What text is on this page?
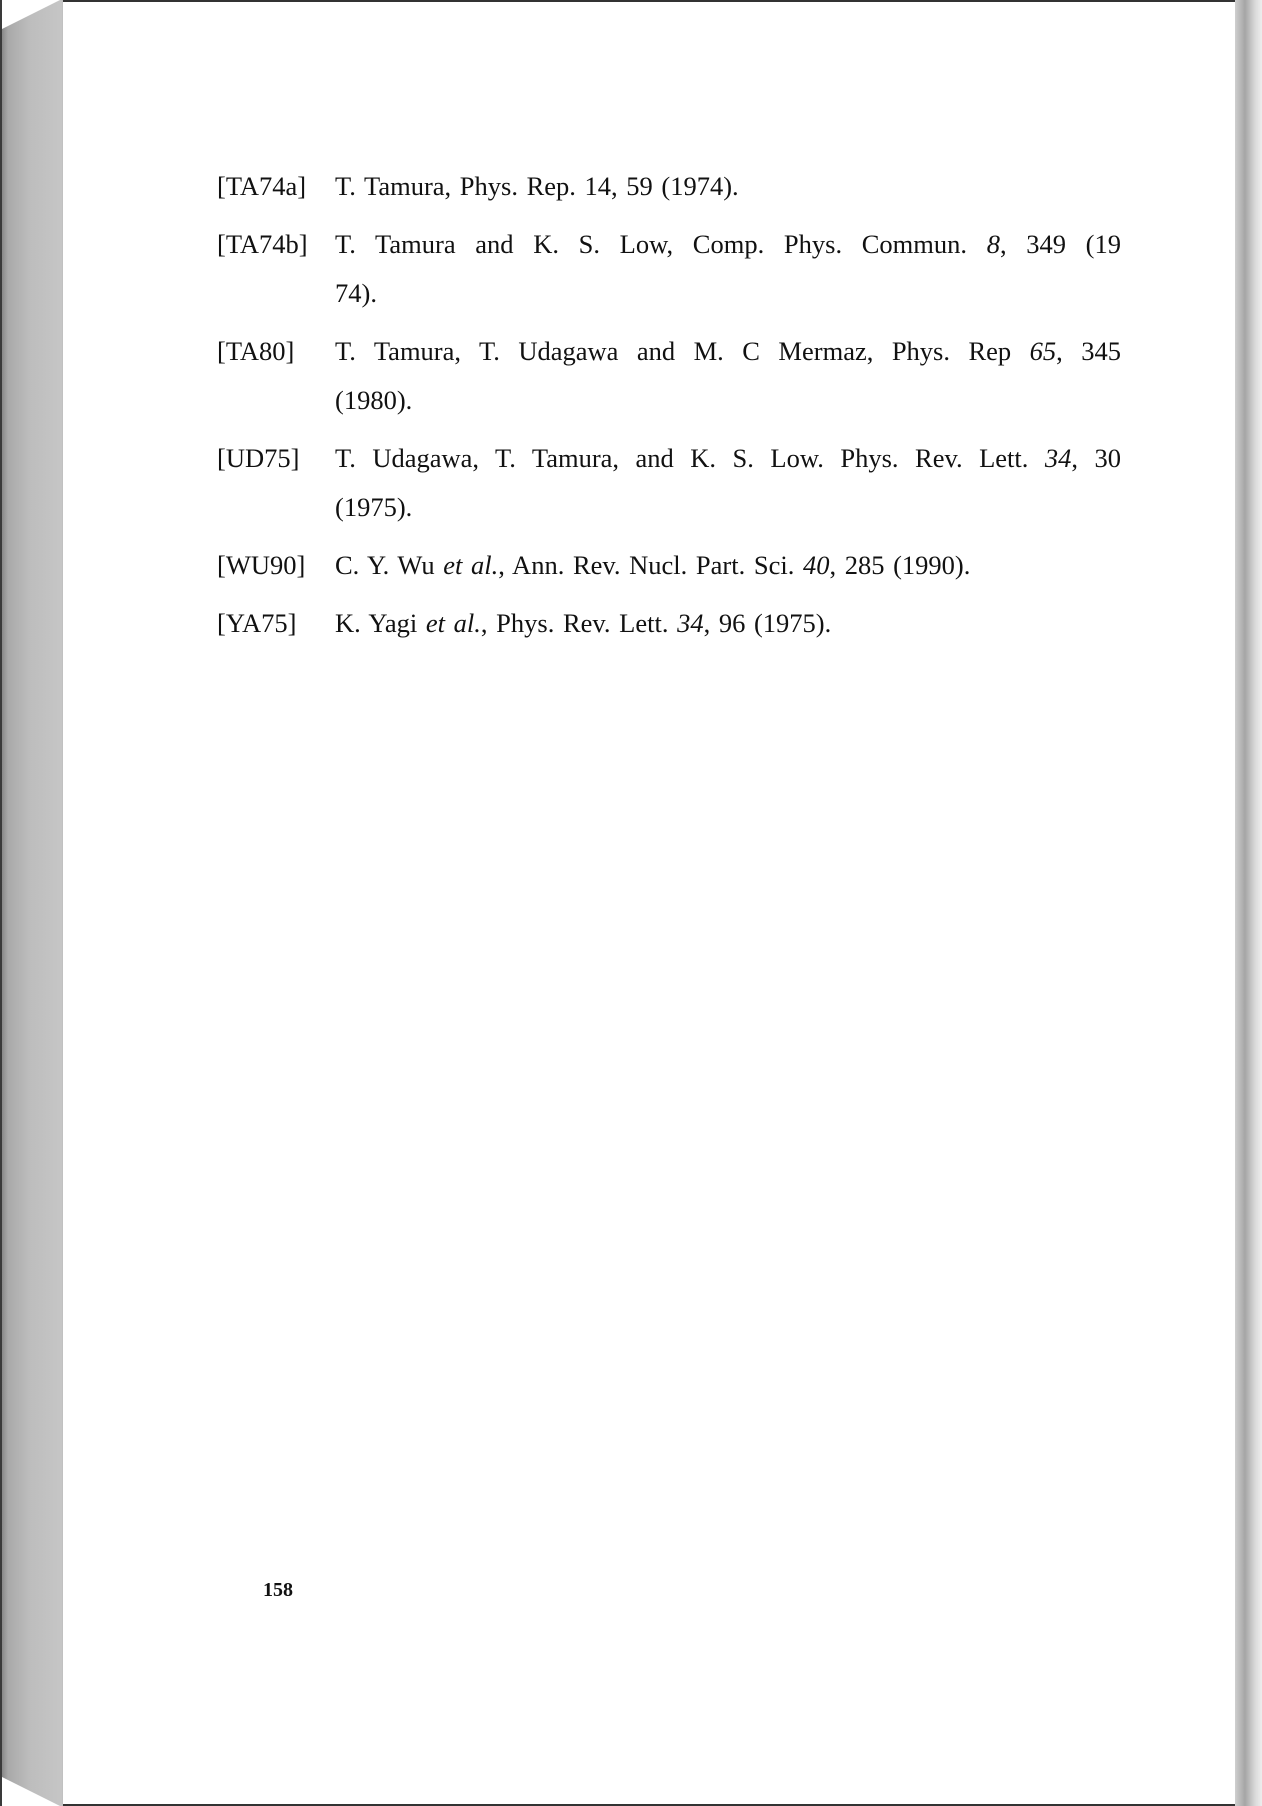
[TA74a]	T. Tamura, Phys. Rep. 14, 59 (1974).
[TA74b]	T. Tamura and K. S. Low, Comp. Phys. Commun. 8, 349 (19
74).
[TA80]	T. Tamura, T. Udagawa and M. C Mermaz, Phys. Rep 65, 345
(1980).
[UD75]	T. Udagawa, T. Tamura, and K. S. Low. Phys. Rev. Lett. 34, 30
(1975).
[WU90]	C. Y. Wu et al., Ann. Rev. Nucl. Part. Sci. 40, 285 (1990).
[YA75]	K. Yagi et al., Phys. Rev. Lett. 34, 96 (1975).
158
